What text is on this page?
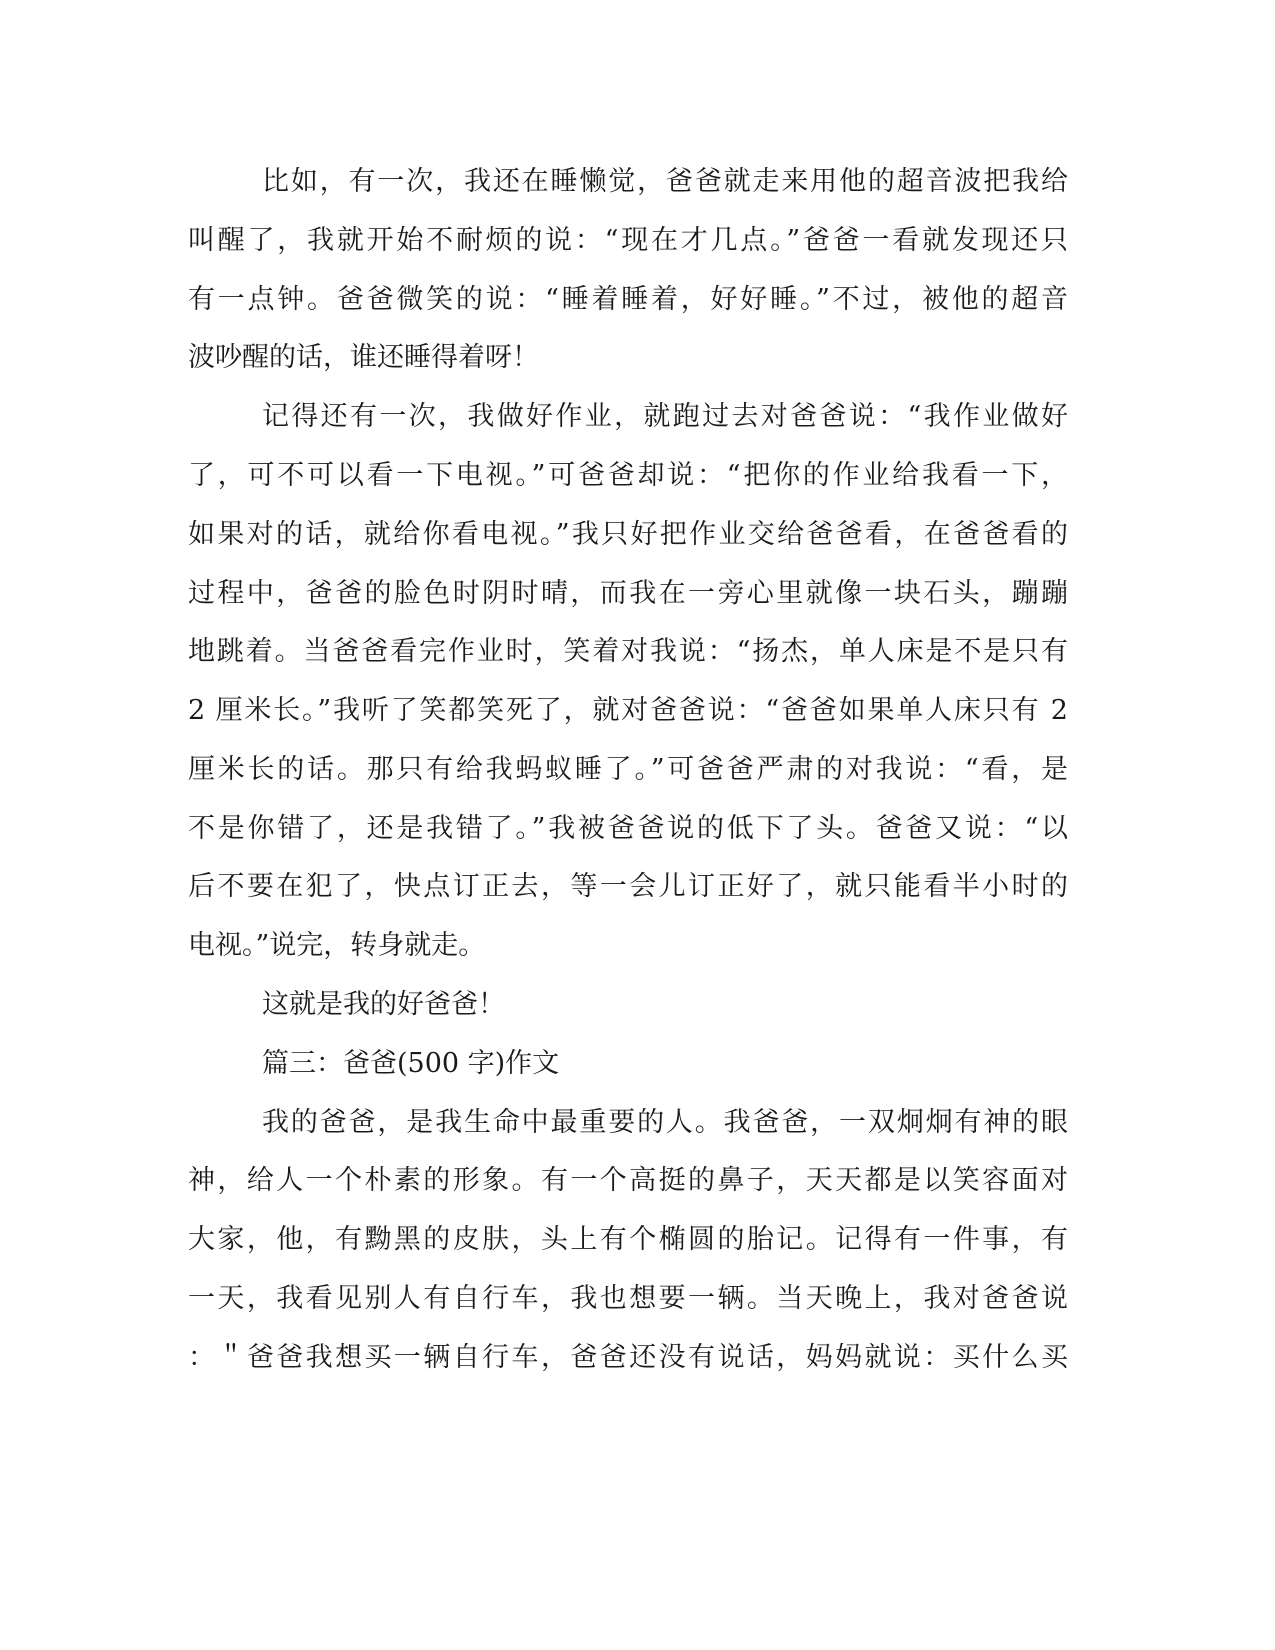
比如，有一次，我还在睡懒觉，爸爸就走来用他的超音波把我给
叫醒了，我就开始不耐烦的说：“现在才几点。”爸爸一看就发现还只
有一点钟。爸爸微笑的说：“睡着睡着，好好睡。”不过，被他的超音
波吵醒的话，谁还睡得着呀！
记得还有一次，我做好作业，就跑过去对爸爸说：“我作业做好
了，可不可以看一下电视。”可爸爸却说：“把你的作业给我看一下，
如果对的话，就给你看电视。”我只好把作业交给爸爸看，在爸爸看的
过程中，爸爸的脸色时阴时晴，而我在一旁心里就像一块石头，蹦蹦
地跳着。当爸爸看完作业时，笑着对我说：“扬杰，单人床是不是只有
2 厘米长。”我听了笑都笑死了，就对爸爸说：“爸爸如果单人床只有 2
厘米长的话。那只有给我蚂蚁睡了。”可爸爸严肃的对我说：“看，是
不是你错了，还是我错了。”我被爸爸说的低下了头。爸爸又说：“以
后不要在犯了，快点订正去，等一会儿订正好了，就只能看半小时的
电视。”说完，转身就走。
这就是我的好爸爸！
篇三：爸爸(500 字)作文
我的爸爸，是我生命中最重要的人。我爸爸，一双炯炯有神的眼
神，给人一个朴素的形象。有一个高挺的鼻子，天天都是以笑容面对
大家，他，有黝黑的皮肤，头上有个椭圆的胎记。记得有一件事，有
一天，我看见别人有自行车，我也想要一辆。当天晚上，我对爸爸说
：＂爸爸我想买一辆自行车，爸爸还没有说话，妈妈就说：买什么买
